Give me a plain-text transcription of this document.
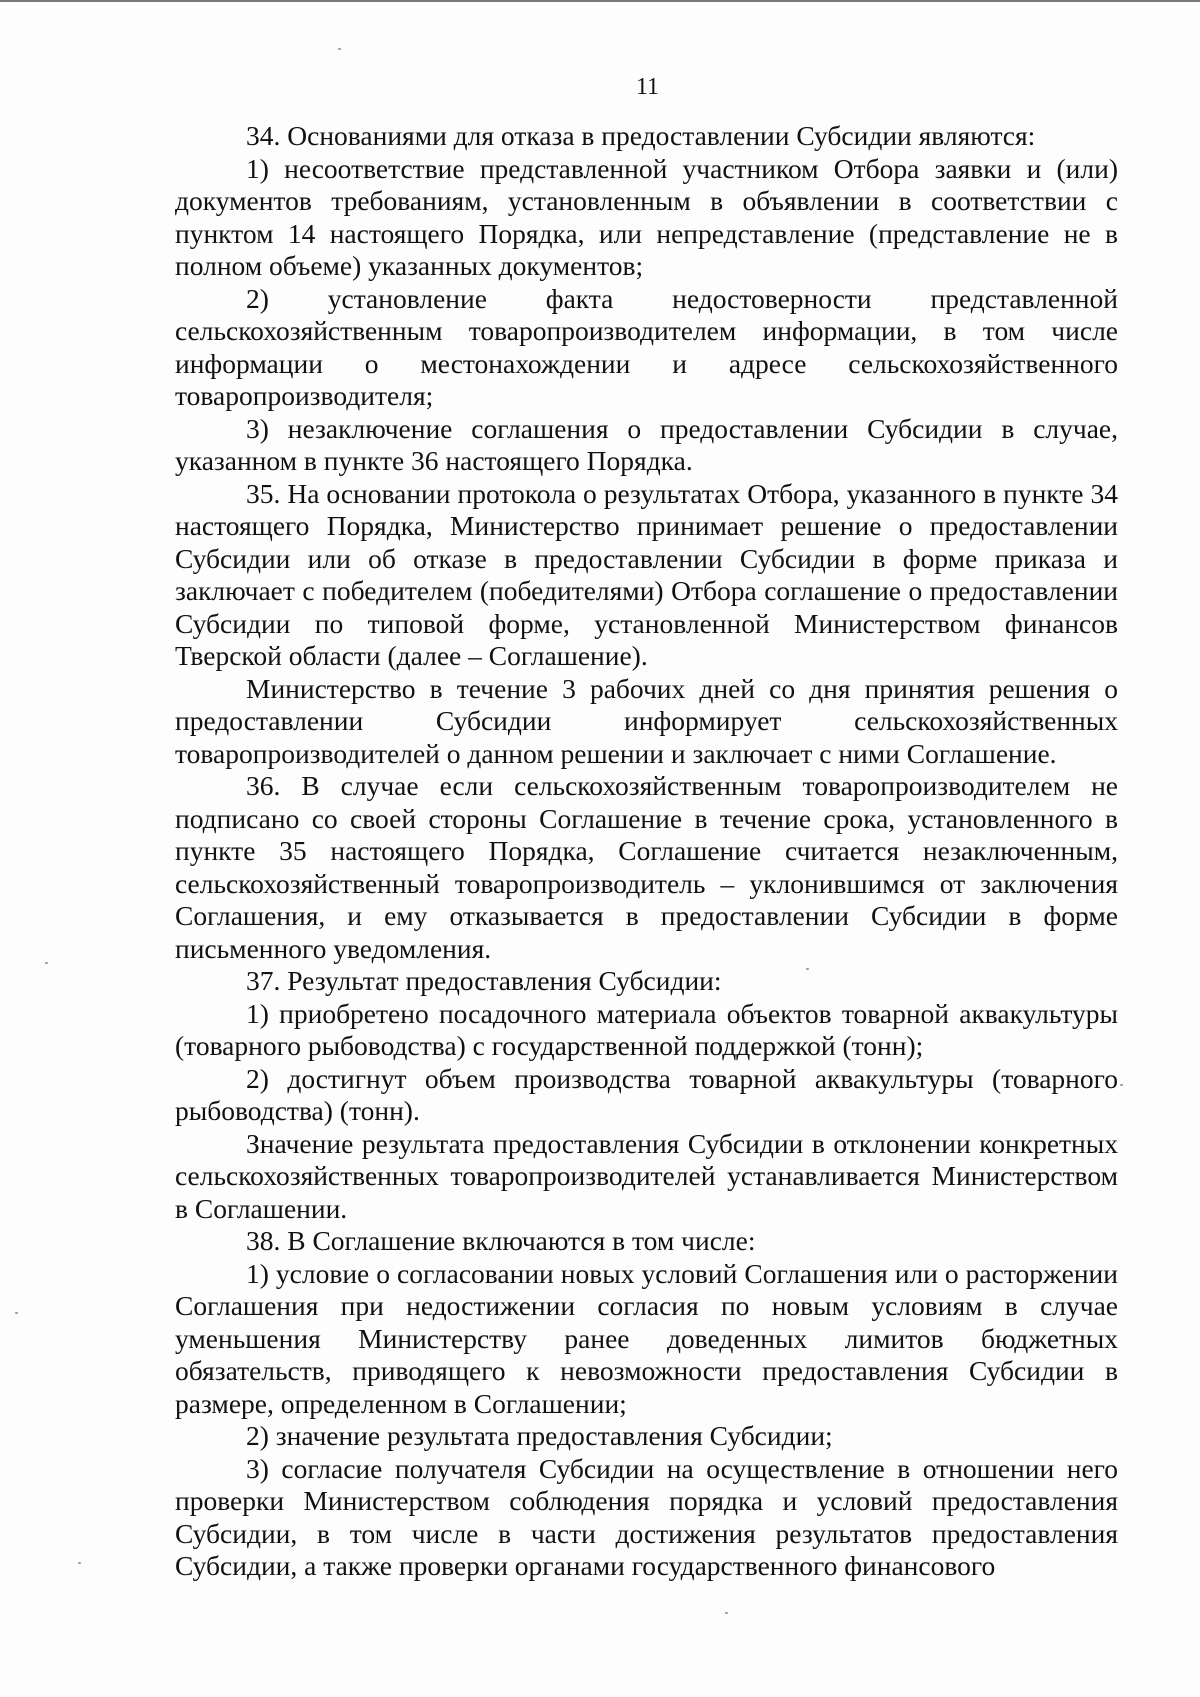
11

34. Основаниями для отказа в предоставлении Субсидии являются:

1) несоответствие представленной участником Отбора заявки и (или) документов требованиям, установленным в объявлении в соответствии с пунктом 14 настоящего Порядка, или непредставление (представление не в полном объеме) указанных документов;

2) установление факта недостоверности представленной сельскохозяйственным товаропроизводителем информации, в том числе информации о местонахождении и адресе сельскохозяйственного товаропроизводителя;

3) незаключение соглашения о предоставлении Субсидии в случае, указанном в пункте 36 настоящего Порядка.

35. На основании протокола о результатах Отбора, указанного в пункте 34 настоящего Порядка, Министерство принимает решение о предоставлении Субсидии или об отказе в предоставлении Субсидии в форме приказа и заключает с победителем (победителями) Отбора соглашение о предоставлении Субсидии по типовой форме, установленной Министерством финансов Тверской области (далее – Соглашение).

Министерство в течение 3 рабочих дней со дня принятия решения о предоставлении Субсидии информирует сельскохозяйственных товаропроизводителей о данном решении и заключает с ними Соглашение.

36. В случае если сельскохозяйственным товаропроизводителем не подписано со своей стороны Соглашение в течение срока, установленного в пункте 35 настоящего Порядка, Соглашение считается незаключенным, сельскохозяйственный товаропроизводитель – уклонившимся от заключения Соглашения, и ему отказывается в предоставлении Субсидии в форме письменного уведомления.

37. Результат предоставления Субсидии:

1) приобретено посадочного материала объектов товарной аквакультуры (товарного рыбоводства) с государственной поддержкой (тонн);

2) достигнут объем производства товарной аквакультуры (товарного рыбоводства) (тонн).

Значение результата предоставления Субсидии в отклонении конкретных сельскохозяйственных товаропроизводителей устанавливается Министерством в Соглашении.

38. В Соглашение включаются в том числе:

1) условие о согласовании новых условий Соглашения или о расторжении Соглашения при недостижении согласия по новым условиям в случае уменьшения Министерству ранее доведенных лимитов бюджетных обязательств, приводящего к невозможности предоставления Субсидии в размере, определенном в Соглашении;

2) значение результата предоставления Субсидии;

3) согласие получателя Субсидии на осуществление в отношении него проверки Министерством соблюдения порядка и условий предоставления Субсидии, в том числе в части достижения результатов предоставления Субсидии, а также проверки органами государственного финансового
